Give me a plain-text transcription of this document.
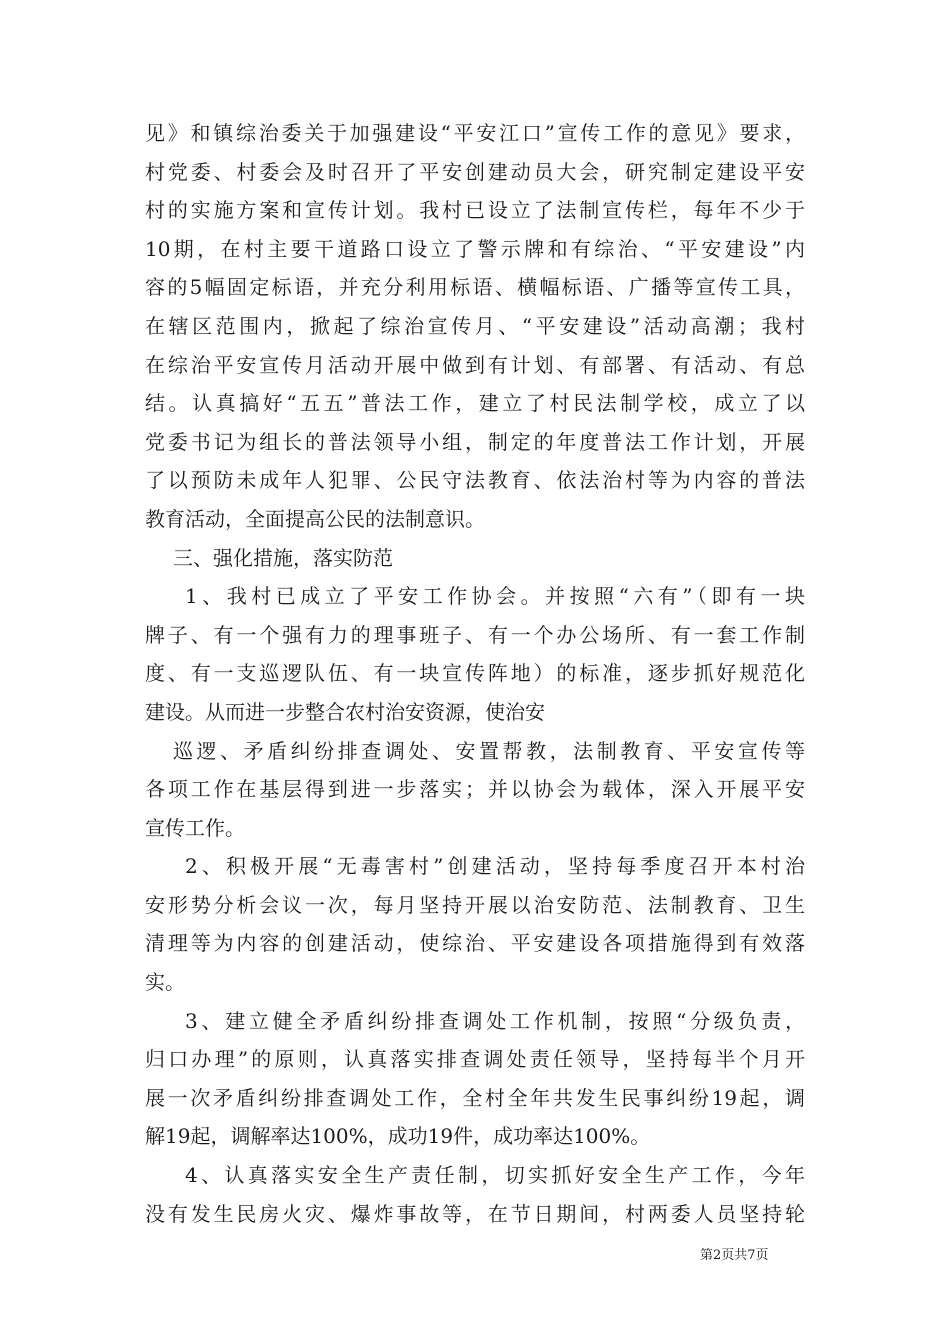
见》和镇综治委关于加强建设“平安江口”宣传工作的意见》要求，
村党委、村委会及时召开了平安创建动员大会，研究制定建设平安
村的实施方案和宣传计划。我村已设立了法制宣传栏，每年不少于
10期，在村主要干道路口设立了警示牌和有综治、“平安建设”内
容的5幅固定标语，并充分利用标语、横幅标语、广播等宣传工具，
在辖区范围内，掀起了综治宣传月、“平安建设”活动高潮；我村
在综治平安宣传月活动开展中做到有计划、有部署、有活动、有总
结。认真搞好“五五”普法工作，建立了村民法制学校，成立了以
党委书记为组长的普法领导小组，制定的年度普法工作计划，开展
了以预防未成年人犯罪、公民守法教育、依法治村等为内容的普法
教育活动，全面提高公民的法制意识。
三、强化措施，落实防范
1、我村已成立了平安工作协会。并按照“六有”（即有一块
牌子、有一个强有力的理事班子、有一个办公场所、有一套工作制
度、有一支巡逻队伍、有一块宣传阵地）的标准，逐步抓好规范化
建设。从而进一步整合农村治安资源，使治安
巡逻、矛盾纠纷排查调处、安置帮教，法制教育、平安宣传等
各项工作在基层得到进一步落实；并以协会为载体，深入开展平安
宣传工作。
2、积极开展“无毒害村”创建活动，坚持每季度召开本村治
安形势分析会议一次，每月坚持开展以治安防范、法制教育、卫生
清理等为内容的创建活动，使综治、平安建设各项措施得到有效落
实。
3、建立健全矛盾纠纷排查调处工作机制，按照“分级负责，
归口办理”的原则，认真落实排查调处责任领导，坚持每半个月开
展一次矛盾纠纷排查调处工作，全村全年共发生民事纠纷19起，调
解19起，调解率达100%，成功19件，成功率达100%。
4、认真落实安全生产责任制，切实抓好安全生产工作，今年
没有发生民房火灾、爆炸事故等，在节日期间，村两委人员坚持轮
第2页共7页
